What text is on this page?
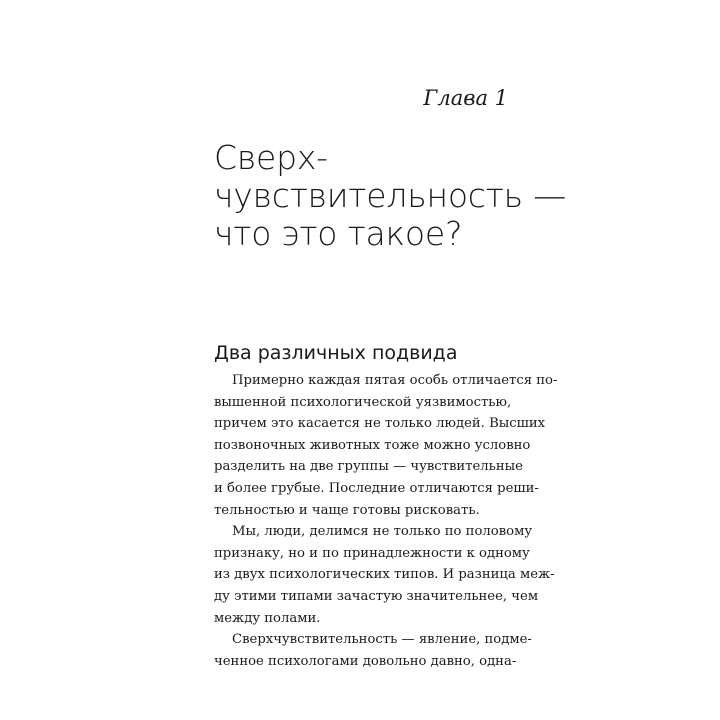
Глава 1
Сверх-
чувствительность —
что это такое?
Два различных подвида
Примерно каждая пятая особь отличается по-
вышенной психологической уязвимостью,
причем это касается не только людей. Высших
позвоночных животных тоже можно условно
разделить на две группы — чувствительные
и более грубые. Последние отличаются реши-
тельностью и чаще готовы рисковать.
Мы, люди, делимся не только по половому
признаку, но и по принадлежности к одному
из двух психологических типов. И разница меж-
ду этими типами зачастую значительнее, чем
между полами.
Сверхчувствительность — явление, подме-
ченное психологами довольно давно, одна-
